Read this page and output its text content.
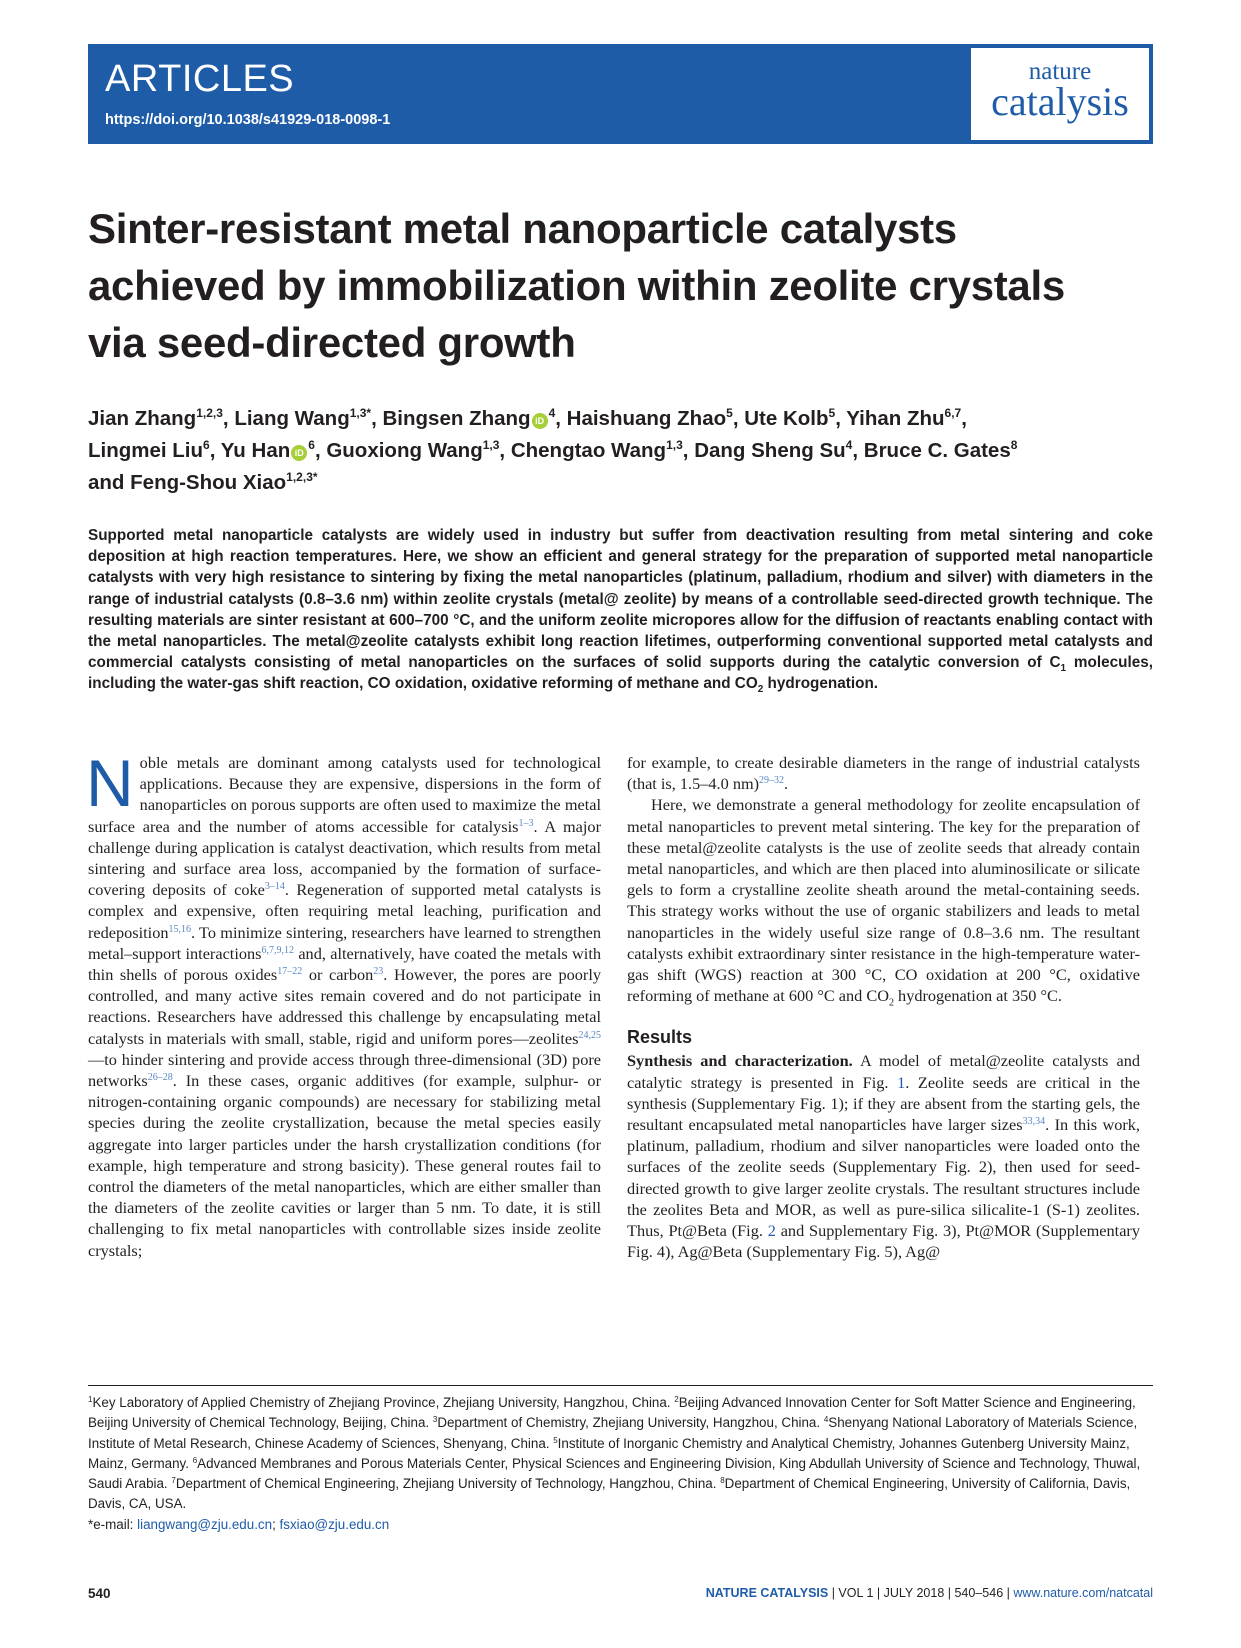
ARTICLES
https://doi.org/10.1038/s41929-018-0098-1
nature
catalysis
Sinter-resistant metal nanoparticle catalysts
achieved by immobilization within zeolite crystals
via seed-directed growth

Jian Zhang$^{1,2,3}$, Liang Wang$^{1,3*}$, Bingsen Zhang $iD^4$, Haishuang Zhao$^5$, Ute Kolb$^5$, Yihan Zhu$^{6,7}$,
Lingmei Liu$^6$, Yu Han $iD^6$, Guoxiong Wang$^{1,3}$, Chengtao Wang$^{1,3}$, Dang Sheng Su$^4$, Bruce C. Gates$^8$
and Feng-Shou Xiao$^{1,2,3*}$

Supported metal nanoparticle catalysts are widely used in industry but suffer from deactivation resulting from metal sintering and coke deposition at high reaction temperatures. Here, we show an efficient and general strategy for the preparation of supported metal nanoparticle catalysts with very high resistance to sintering by fixing the metal nanoparticles (platinum, palladium, rhodium and silver) with diameters in the range of industrial catalysts (0.8–3.6 nm) within zeolite crystals (metal@ zeolite) by means of a controllable seed-directed growth technique. The resulting materials are sinter resistant at 600–700 °C, and the uniform zeolite micropores allow for the diffusion of reactants enabling contact with the metal nanoparticles. The metal@zeolite catalysts exhibit long reaction lifetimes, outperforming conventional supported metal catalysts and commercial catalysts consisting of metal nanoparticles on the surfaces of solid supports during the catalytic conversion of $C_1$ molecules, including the water-gas shift reaction, CO oxidation, oxidative reforming of methane and $CO_2$ hydrogenation.

Noble metals are dominant among catalysts used for technological applications. Because they are expensive, dispersions in the form of nanoparticles on porous supports are often used to maximize the metal surface area and the number of atoms accessible for catalysis$^{1-3}$. A major challenge during application is catalyst deactivation, which results from metal sintering and surface area loss, accompanied by the formation of surface-covering deposits of coke$^{3-14}$. Regeneration of supported metal catalysts is complex and expensive, often requiring metal leaching, purification and redeposition$^{15,16}$. To minimize sintering, researchers have learned to strengthen metal–support interactions$^{6,7,9,12}$ and, alternatively, have coated the metals with thin shells of porous oxides$^{17-22}$ or carbon$^{23}$. However, the pores are poorly controlled, and many active sites remain covered and do not participate in reactions. Researchers have addressed this challenge by encapsulating metal catalysts in materials with small, stable, rigid and uniform pores—zeolites$^{24,25}$—to hinder sintering and provide access through three-dimensional (3D) pore networks$^{26-28}$. In these cases, organic additives (for example, sulphur- or nitrogen-containing organic compounds) are necessary for stabilizing metal species during the zeolite crystallization, because the metal species easily aggregate into larger particles under the harsh crystallization conditions (for example, high temperature and strong basicity). These general routes fail to control the diameters of the metal nanoparticles, which are either smaller than the diameters of the zeolite cavities or larger than 5 nm. To date, it is still challenging to fix metal nanoparticles with controllable sizes inside zeolite crystals;

for example, to create desirable diameters in the range of industrial catalysts (that is, 1.5–4.0 nm)$^{29-32}$.

Here, we demonstrate a general methodology for zeolite encapsulation of metal nanoparticles to prevent metal sintering. The key for the preparation of these metal@zeolite catalysts is the use of zeolite seeds that already contain metal nanoparticles, and which are then placed into aluminosilicate or silicate gels to form a crystalline zeolite sheath around the metal-containing seeds. This strategy works without the use of organic stabilizers and leads to metal nanoparticles in the widely useful size range of 0.8–3.6 nm. The resultant catalysts exhibit extraordinary sinter resistance in the high-temperature water-gas shift (WGS) reaction at 300 °C, CO oxidation at 200 °C, oxidative reforming of methane at 600 °C and $CO_2$ hydrogenation at 350 °C.

Results

Synthesis and characterization. A model of metal@zeolite catalysts and catalytic strategy is presented in Fig. 1. Zeolite seeds are critical in the synthesis (Supplementary Fig. 1); if they are absent from the starting gels, the resultant encapsulated metal nanoparticles have larger sizes$^{33,34}$. In this work, platinum, palladium, rhodium and silver nanoparticles were loaded onto the surfaces of the zeolite seeds (Supplementary Fig. 2), then used for seed-directed growth to give larger zeolite crystals. The resultant structures include the zeolites Beta and MOR, as well as pure-silica silicalite-1 (S-1) zeolites. Thus, Pt@Beta (Fig. 2 and Supplementary Fig. 3), Pt@MOR (Supplementary Fig. 4), Ag@Beta (Supplementary Fig. 5), Ag@

$^1$Key Laboratory of Applied Chemistry of Zhejiang Province, Zhejiang University, Hangzhou, China. $^2$Beijing Advanced Innovation Center for Soft Matter Science and Engineering, Beijing University of Chemical Technology, Beijing, China. $^3$Department of Chemistry, Zhejiang University, Hangzhou, China. $^4$Shenyang National Laboratory of Materials Science, Institute of Metal Research, Chinese Academy of Sciences, Shenyang, China. $^5$Institute of Inorganic Chemistry and Analytical Chemistry, Johannes Gutenberg University Mainz, Mainz, Germany. $^6$Advanced Membranes and Porous Materials Center, Physical Sciences and Engineering Division, King Abdullah University of Science and Technology, Thuwal, Saudi Arabia. $^7$Department of Chemical Engineering, Zhejiang University of Technology, Hangzhou, China. $^8$Department of Chemical Engineering, University of California, Davis, Davis, CA, USA.
*e-mail: liangwang@zju.edu.cn; fsxiao@zju.edu.cn

540	NATURE CATALYSIS | VOL 1 | JULY 2018 | 540–546 | www.nature.com/natcatal
